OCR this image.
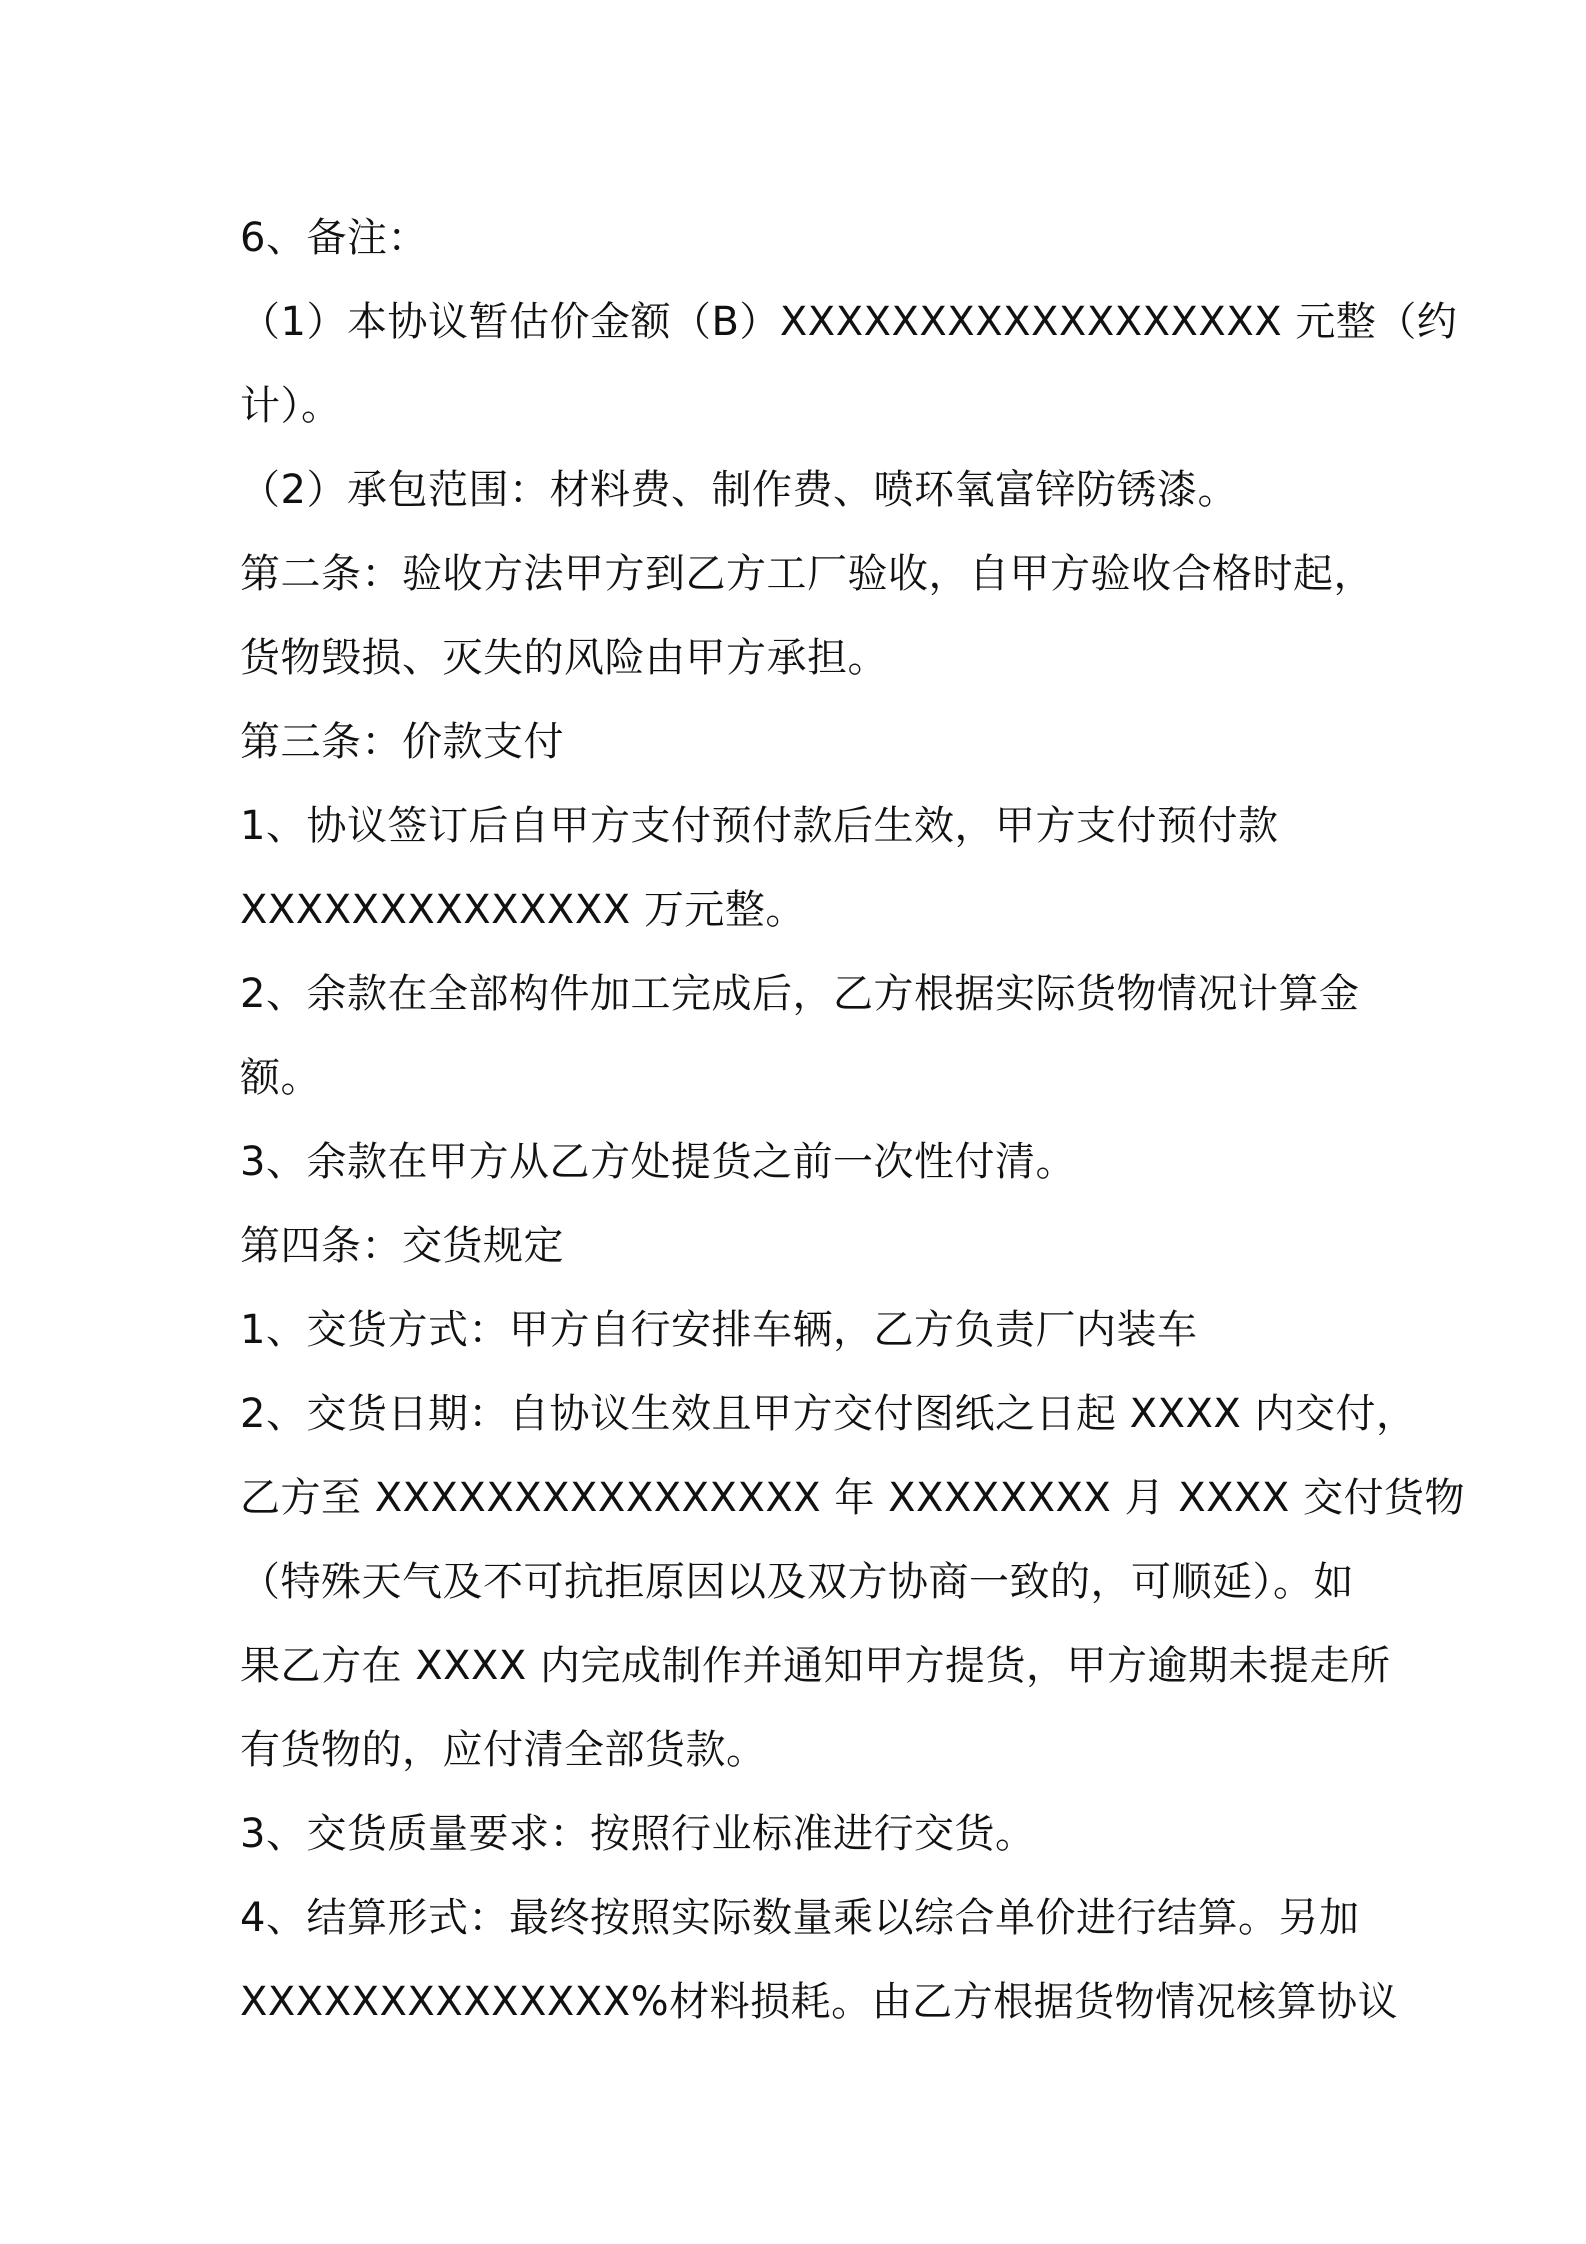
6、备注：
（1）本协议暂估价金额（B）XXXXXXXXXXXXXXXXXX 元整（约
计）。
（2）承包范围：材料费、制作费、喷环氧富锌防锈漆。
第二条：验收方法甲方到乙方工厂验收，自甲方验收合格时起，
货物毁损、灭失的风险由甲方承担。
第三条：价款支付
1、协议签订后自甲方支付预付款后生效，甲方支付预付款
XXXXXXXXXXXXXX 万元整。
2、余款在全部构件加工完成后，乙方根据实际货物情况计算金
额。
3、余款在甲方从乙方处提货之前一次性付清。
第四条：交货规定
1、交货方式：甲方自行安排车辆，乙方负责厂内装车
2、交货日期：自协议生效且甲方交付图纸之日起 XXXX 内交付，
乙方至 XXXXXXXXXXXXXXXX 年 XXXXXXXX 月 XXXX 交付货物
（特殊天气及不可抗拒原因以及双方协商一致的，可顺延）。如
果乙方在 XXXX 内完成制作并通知甲方提货，甲方逾期未提走所
有货物的，应付清全部货款。
3、交货质量要求：按照行业标准进行交货。
4、结算形式：最终按照实际数量乘以综合单价进行结算。另加
XXXXXXXXXXXXXX%材料损耗。由乙方根据货物情况核算协议
